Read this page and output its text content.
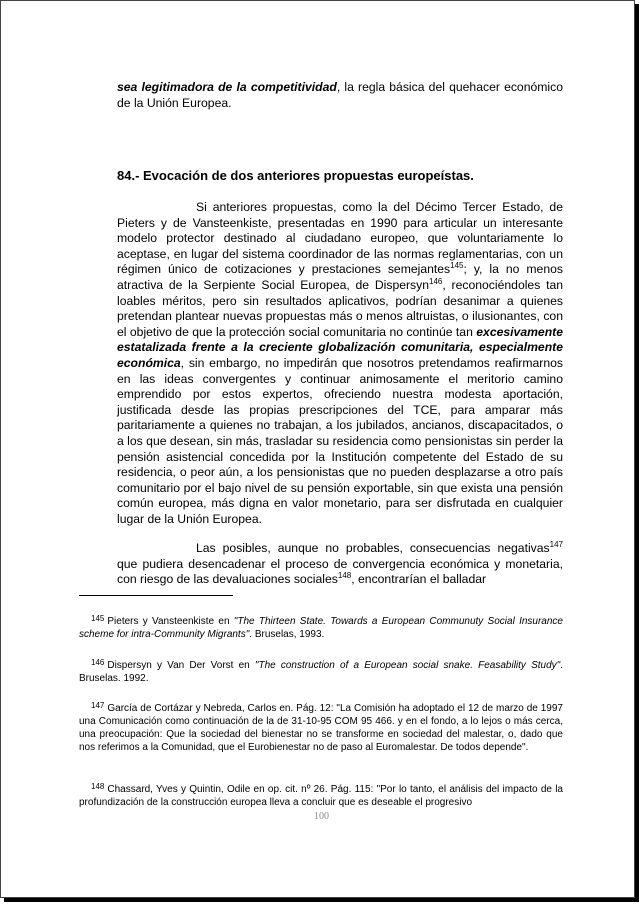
sea legitimadora de la competitividad, la regla básica del quehacer económico de la Unión Europea.

84.- Evocación de dos anteriores propuestas europeístas.

Si anteriores propuestas, como la del Décimo Tercer Estado, de Pieters y de Vansteenkiste, presentadas en 1990 para articular un interesante modelo protector destinado al ciudadano europeo, que voluntariamente lo aceptase, en lugar del sistema coordinador de las normas reglamentarias, con un régimen único de cotizaciones y prestaciones semejantes$^{145}$; y, la no menos atractiva de la Serpiente Social Europea, de Dispersyn$^{146}$, reconociéndoles tan loables méritos, pero sin resultados aplicativos, podrían desanimar a quienes pretendan plantear nuevas propuestas más o menos altruistas, o ilusionantes, con el objetivo de que la protección social comunitaria no continúe tan excesivamente estatalizada frente a la creciente globalización comunitaria, especialmente económica, sin embargo, no impedirán que nosotros pretendamos reafirmarnos en las ideas convergentes y continuar animosamente el meritorio camino emprendido por estos expertos, ofreciendo nuestra modesta aportación, justificada desde las propias prescripciones del TCE, para amparar más paritariamente a quienes no trabajan, a los jubilados, ancianos, discapacitados, o a los que desean, sin más, trasladar su residencia como pensionistas sin perder la pensión asistencial concedida por la Institución competente del Estado de su residencia, o peor aún, a los pensionistas que no pueden desplazarse a otro país comunitario por el bajo nivel de su pensión exportable, sin que exista una pensión común europea, más digna en valor monetario, para ser disfrutada en cualquier lugar de la Unión Europea.

Las posibles, aunque no probables, consecuencias negativas$^{147}$ que pudiera desencadenar el proceso de convergencia económica y monetaria, con riesgo de las devaluaciones sociales$^{148}$, encontrarían el balladar

$^{145}$ Pieters y Vansteenkiste en "The Thirteen State. Towards a European Communuty Social Insurance scheme for intra-Community Migrants". Bruselas, 1993.

$^{146}$ Dispersyn y Van Der Vorst en "The construction of a European social snake. Feasability Study". Bruselas. 1992.

$^{147}$ García de Cortázar y Nebreda, Carlos en. Pág. 12: "La Comisión ha adoptado el 12 de marzo de 1997 una Comunicación como continuación de la de 31-10-95 COM 95 466. y en el fondo, a lo lejos o más cerca, una preocupación: Que la sociedad del bienestar no se transforme en sociedad del malestar, o, dado que nos referimos a la Comunidad, que el Eurobienestar no de paso al Euromalestar. De todos depende".

$^{148}$ Chassard, Yves y Quintin, Odile en op. cit. nº 26. Pág. 115: "Por lo tanto, el análisis del impacto de la profundización de la construcción europea lleva a concluir que es deseable el progresivo

100
